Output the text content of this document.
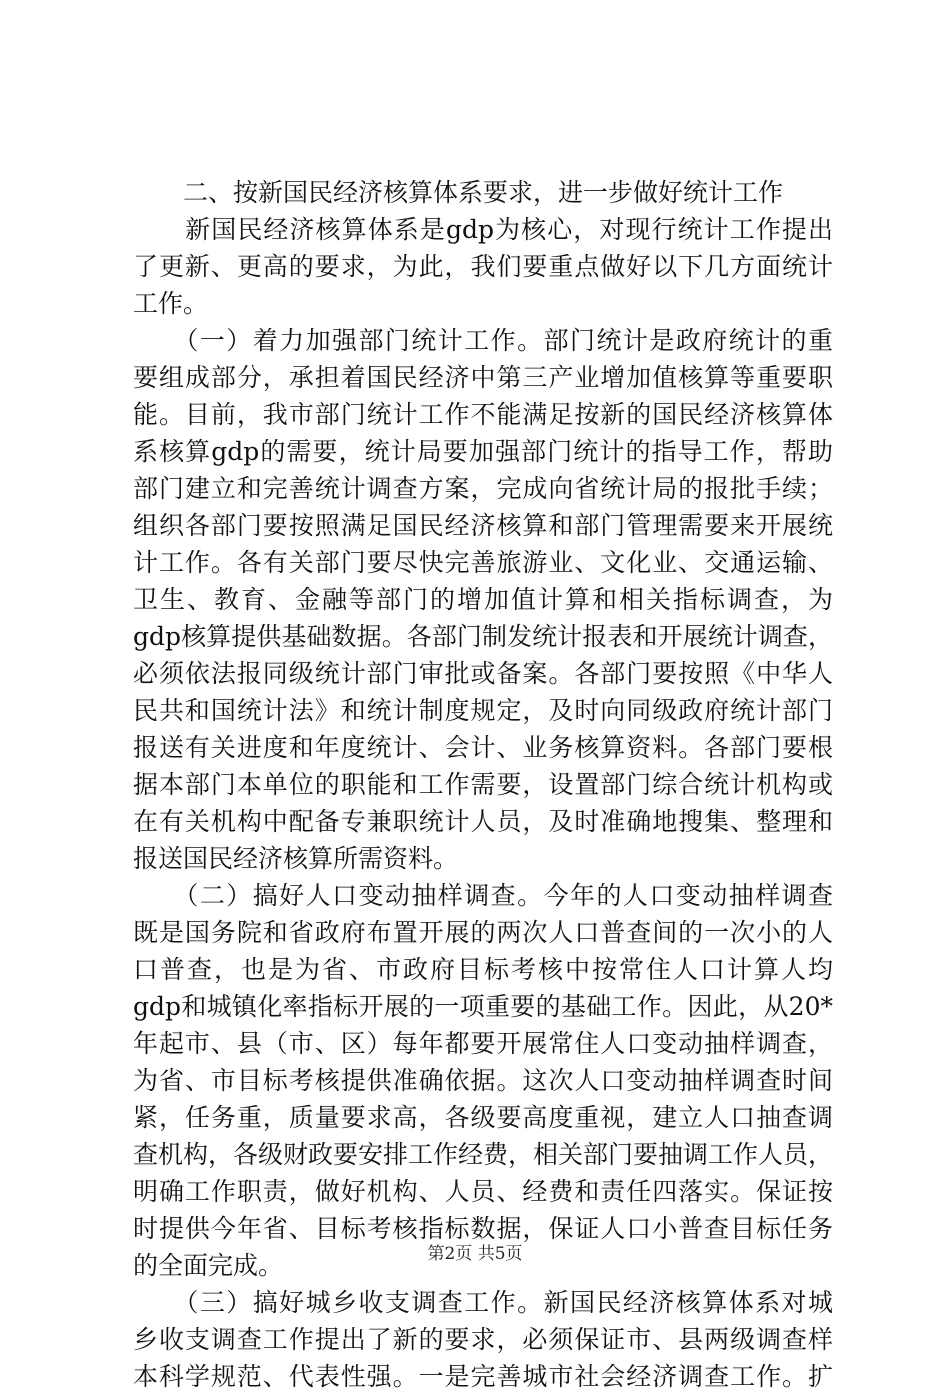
　　二、按新国民经济核算体系要求，进一步做好统计工作
　　新国民经济核算体系是gdp为核心，对现行统计工作提出
了更新、更高的要求，为此，我们要重点做好以下几方面统计
工作。
　　（一）着力加强部门统计工作。部门统计是政府统计的重
要组成部分，承担着国民经济中第三产业增加值核算等重要职
能。目前，我市部门统计工作不能满足按新的国民经济核算体
系核算gdp的需要，统计局要加强部门统计的指导工作，帮助
部门建立和完善统计调查方案，完成向省统计局的报批手续；
组织各部门要按照满足国民经济核算和部门管理需要来开展统
计工作。各有关部门要尽快完善旅游业、文化业、交通运输、
卫生、教育、金融等部门的增加值计算和相关指标调查，为
gdp核算提供基础数据。各部门制发统计报表和开展统计调查，
必须依法报同级统计部门审批或备案。各部门要按照《中华人
民共和国统计法》和统计制度规定，及时向同级政府统计部门
报送有关进度和年度统计、会计、业务核算资料。各部门要根
据本部门本单位的职能和工作需要，设置部门综合统计机构或
在有关机构中配备专兼职统计人员，及时准确地搜集、整理和
报送国民经济核算所需资料。
　　（二）搞好人口变动抽样调查。今年的人口变动抽样调查
既是国务院和省政府布置开展的两次人口普查间的一次小的人
口普查，也是为省、市政府目标考核中按常住人口计算人均
gdp和城镇化率指标开展的一项重要的基础工作。因此，从20*
年起市、县（市、区）每年都要开展常住人口变动抽样调查，
为省、市目标考核提供准确依据。这次人口变动抽样调查时间
紧，任务重，质量要求高，各级要高度重视，建立人口抽查调
查机构，各级财政要安排工作经费，相关部门要抽调工作人员，
明确工作职责，做好机构、人员、经费和责任四落实。保证按
时提供今年省、目标考核指标数据，保证人口小普查目标任务
的全面完成。
　　（三）搞好城乡收支调查工作。新国民经济核算体系对城
乡收支调查工作提出了新的要求，必须保证市、县两级调查样
本科学规范、代表性强。一是完善城市社会经济调查工作。扩
第2页 共5页
